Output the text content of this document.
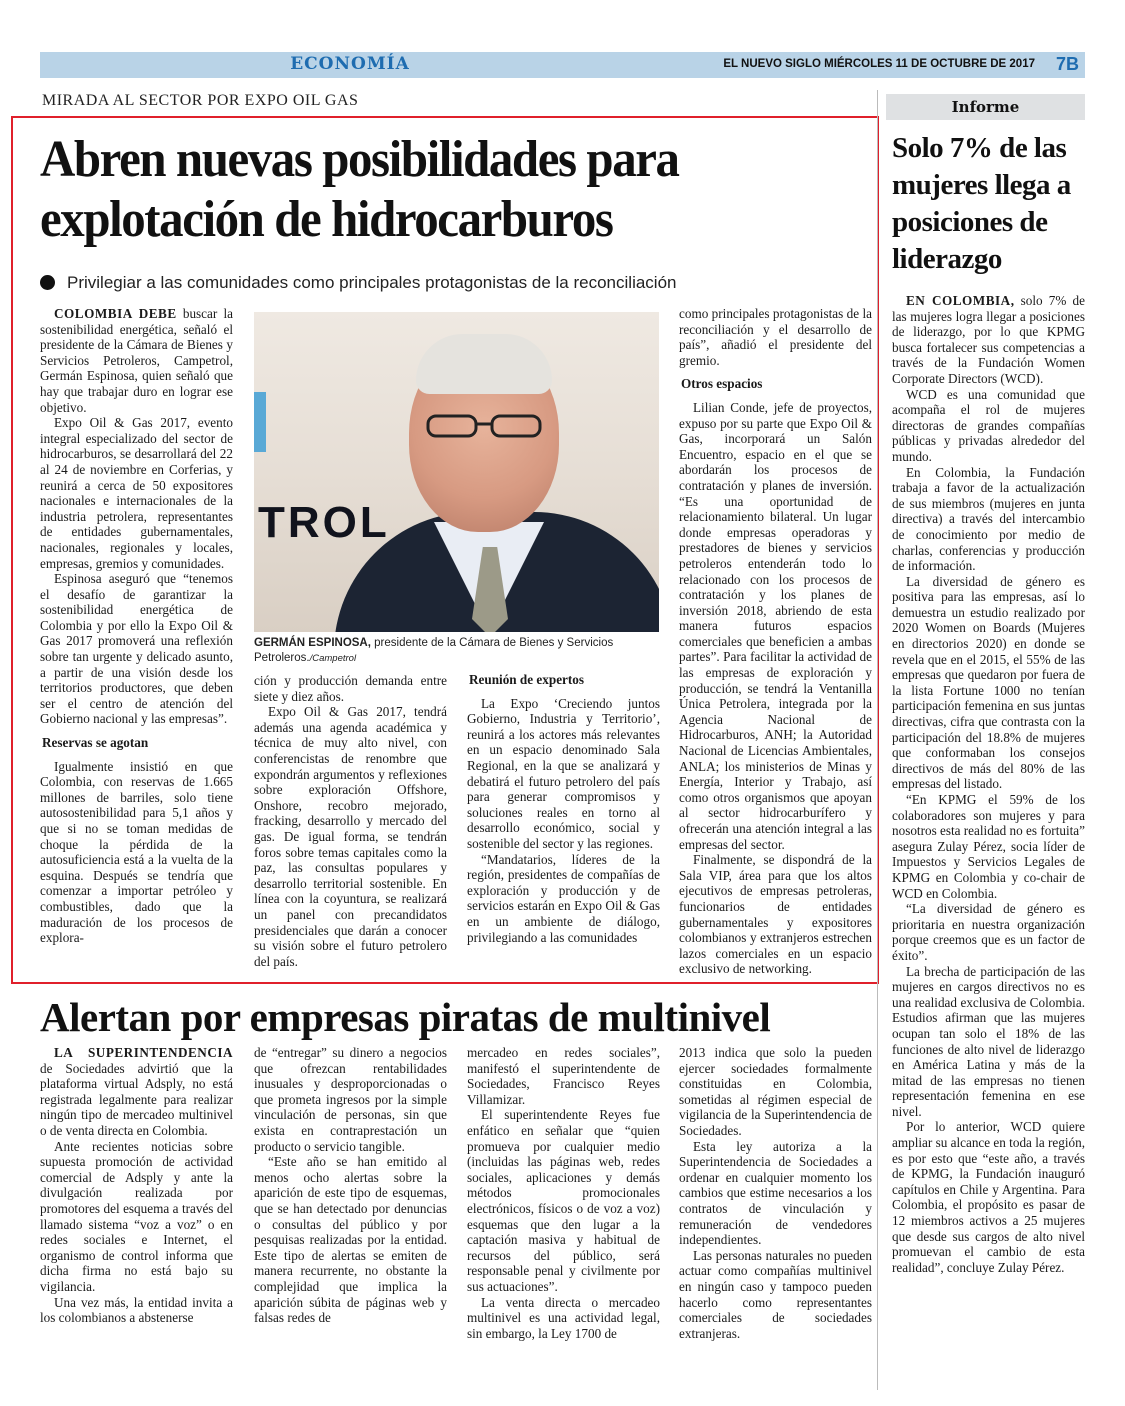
ECONOMÍA	EL NUEVO SIGLO MIÉRCOLES 11 DE OCTUBRE DE 2017 7B
MIRADA AL SECTOR POR EXPO OIL GAS
Abren nuevas posibilidades para explotación de hidrocarburos
Privilegiar a las comunidades como principales protagonistas de la reconciliación

COLOMBIA DEBE buscar la sostenibilidad energética, señaló el presidente de la Cámara de Bienes y Servicios Petroleros, Campetrol, Germán Espinosa, quien señaló que hay que trabajar duro en lograr ese objetivo.

Expo Oil & Gas 2017, evento integral especializado del sector de hidrocarburos, se desarrollará del 22 al 24 de noviembre en Corferias, y reunirá a cerca de 50 expositores nacionales e internacionales de la industria petrolera, representantes de entidades gubernamentales, nacionales, regionales y locales, empresas, gremios y comunidades.

Espinosa aseguró que “tenemos el desafío de garantizar la sostenibilidad energética de Colombia y por ello la Expo Oil & Gas 2017 promoverá una reflexión sobre tan urgente y delicado asunto, a partir de una visión desde los territorios productores, que deben ser el centro de atención del Gobierno nacional y las empresas”.

Reservas se agotan

Igualmente insistió en que Colombia, con reservas de 1.665 millones de barriles, solo tiene autosostenibilidad para 5,1 años y que si no se toman medidas de choque la pérdida de la autosuficiencia está a la vuelta de la esquina. Después se tendría que comenzar a importar petróleo y combustibles, dado que la maduración de los procesos de explora-

TROL
GERMÁN ESPINOSA, presidente de la Cámara de Bienes y Servicios Petroleros./Campetrol

ción y producción demanda entre siete y diez años.

Expo Oil & Gas 2017, tendrá además una agenda académica y técnica de muy alto nivel, con conferencistas de renombre que expondrán argumentos y reflexiones sobre exploración Offshore, Onshore, recobro mejorado, fracking, desarrollo y mercado del gas. De igual forma, se tendrán foros sobre temas capitales como la paz, las consultas populares y desarrollo territorial sostenible. En línea con la coyuntura, se realizará un panel con precandidatos presidenciales que darán a conocer su visión sobre el futuro petrolero del país.

Reunión de expertos

La Expo ‘Creciendo juntos Gobierno, Industria y Territorio’, reunirá a los actores más relevantes en un espacio denominado Sala Regional, en la que se analizará y debatirá el futuro petrolero del país para generar compromisos y soluciones reales en torno al desarrollo económico, social y sostenible del sector y las regiones.

“Mandatarios, líderes de la región, presidentes de compañías de exploración y producción y de servicios estarán en Expo Oil & Gas en un ambiente de diálogo, privilegiando a las comunidades

como principales protagonistas de la reconciliación y el desarrollo de país”, añadió el presidente del gremio.

Otros espacios

Lilian Conde, jefe de proyectos, expuso por su parte que Expo Oil & Gas, incorporará un Salón Encuentro, espacio en el que se abordarán los procesos de contratación y planes de inversión. “Es una oportunidad de relacionamiento bilateral. Un lugar donde empresas operadoras y prestadores de bienes y servicios petroleros entenderán todo lo relacionado con los procesos de contratación y los planes de inversión 2018, abriendo de esta manera futuros espacios comerciales que beneficien a ambas partes”. Para facilitar la actividad de las empresas de exploración y producción, se tendrá la Ventanilla Única Petrolera, integrada por la Agencia Nacional de Hidrocarburos, ANH; la Autoridad Nacional de Licencias Ambientales, ANLA; los ministerios de Minas y Energía, Interior y Trabajo, así como otros organismos que apoyan al sector hidrocarburífero y ofrecerán una atención integral a las empresas del sector.

Finalmente, se dispondrá de la Sala VIP, área para que los altos ejecutivos de empresas petroleras, funcionarios de entidades gubernamentales y expositores colombianos y extranjeros estrechen lazos comerciales en un espacio exclusivo de networking.

Alertan por empresas piratas de multinivel

LA SUPERINTENDENCIA de Sociedades advirtió que la plataforma virtual Adsply, no está registrada legalmente para realizar ningún tipo de mercadeo multinivel o de venta directa en Colombia.

Ante recientes noticias sobre supuesta promoción de actividad comercial de Adsply y ante la divulgación realizada por promotores del esquema a través del llamado sistema “voz a voz” o en redes sociales e Internet, el organismo de control informa que dicha firma no está bajo su vigilancia.

Una vez más, la entidad invita a los colombianos a abstenerse

de “entregar” su dinero a negocios que ofrezcan rentabilidades inusuales y desproporcionadas o que prometa ingresos por la simple vinculación de personas, sin que exista en contraprestación un producto o servicio tangible.

“Este año se han emitido al menos ocho alertas sobre la aparición de este tipo de esquemas, que se han detectado por denuncias o consultas del público y por pesquisas realizadas por la entidad. Este tipo de alertas se emiten de manera recurrente, no obstante la complejidad que implica la aparición súbita de páginas web y falsas redes de

mercadeo en redes sociales”, manifestó el superintendente de Sociedades, Francisco Reyes Villamizar.

El superintendente Reyes fue enfático en señalar que “quien promueva por cualquier medio (incluidas las páginas web, redes sociales, aplicaciones y demás métodos promocionales electrónicos, físicos o de voz a voz) esquemas que den lugar a la captación masiva y habitual de recursos del público, será responsable penal y civilmente por sus actuaciones”.

La venta directa o mercadeo multinivel es una actividad legal, sin embargo, la Ley 1700 de

2013 indica que solo la pueden ejercer sociedades formalmente constituidas en Colombia, sometidas al régimen especial de vigilancia de la Superintendencia de Sociedades.

Esta ley autoriza a la Superintendencia de Sociedades a ordenar en cualquier momento los cambios que estime necesarios a los contratos de vinculación y remuneración de vendedores independientes.

Las personas naturales no pueden actuar como compañías multinivel en ningún caso y tampoco pueden hacerlo como representantes comerciales de sociedades extranjeras.

Informe
Solo 7% de las mujeres llega a posiciones de liderazgo

EN COLOMBIA, solo 7% de las mujeres logra llegar a posiciones de liderazgo, por lo que KPMG busca fortalecer sus competencias a través de la Fundación Women Corporate Directors (WCD).

WCD es una comunidad que acompaña el rol de mujeres directoras de grandes compañías públicas y privadas alrededor del mundo.

En Colombia, la Fundación trabaja a favor de la actualización de sus miembros (mujeres en junta directiva) a través del intercambio de conocimiento por medio de charlas, conferencias y producción de información.

La diversidad de género es positiva para las empresas, así lo demuestra un estudio realizado por 2020 Women on Boards (Mujeres en directorios 2020) en donde se revela que en el 2015, el 55% de las empresas que quedaron por fuera de la lista Fortune 1000 no tenían participación femenina en sus juntas directivas, cifra que contrasta con la participación del 18.8% de mujeres que conformaban los consejos directivos de más del 80% de las empresas del listado.

“En KPMG el 59% de los colaboradores son mujeres y para nosotros esta realidad no es fortuita” asegura Zulay Pérez, socia líder de Impuestos y Servicios Legales de KPMG en Colombia y co-chair de WCD en Colombia.

“La diversidad de género es prioritaria en nuestra organización porque creemos que es un factor de éxito”.

La brecha de participación de las mujeres en cargos directivos no es una realidad exclusiva de Colombia. Estudios afirman que las mujeres ocupan tan solo el 18% de las funciones de alto nivel de liderazgo en América Latina y más de la mitad de las empresas no tienen representación femenina en ese nivel.

Por lo anterior, WCD quiere ampliar su alcance en toda la región, es por esto que “este año, a través de KPMG, la Fundación inauguró capítulos en Chile y Argentina. Para Colombia, el propósito es pasar de 12 miembros activos a 25 mujeres que desde sus cargos de alto nivel promuevan el cambio de esta realidad”, concluye Zulay Pérez.
